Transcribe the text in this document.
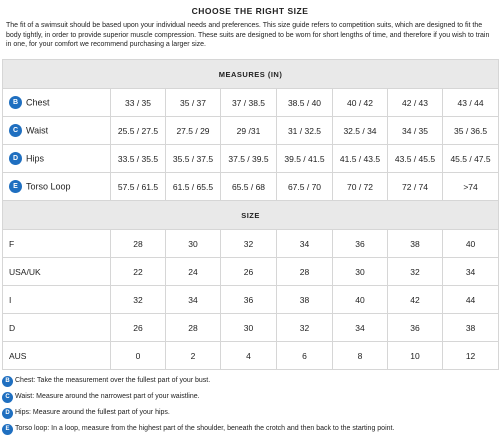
CHOOSE THE RIGHT SIZE
The fit of a swimsuit should be based upon your individual needs and preferences. This size guide refers to competition suits, which are designed to fit the body tightly, in order to provide superior muscle compression. These suits are designed to be worn for short lengths of time, and therefore if you wish to train in one, for your comfort we recommend purchasing a larger size.
MEASURES (IN)							
B Chest	33 / 35	35 / 37	37 / 38.5	38.5 / 40	40 / 42	42 / 43	43 / 44
C Waist	25.5 / 27.5	27.5 / 29	29 /31	31 / 32.5	32.5 / 34	34 / 35	35 / 36.5
D Hips	33.5 / 35.5	35.5 / 37.5	37.5 / 39.5	39.5 / 41.5	41.5 / 43.5	43.5 / 45.5	45.5 / 47.5
E Torso Loop	57.5 / 61.5	61.5 / 65.5	65.5 / 68	67.5 / 70	70 / 72	72 / 74	>74
SIZE							
F	28	30	32	34	36	38	40
USA/UK	22	24	26	28	30	32	34
I	32	34	36	38	40	42	44
D	26	28	30	32	34	36	38
AUS	0	2	4	6	8	10	12
B Chest: Take the measurement over the fullest part of your bust.
C Waist: Measure around the narrowest part of your waistline.
D Hips: Measure around the fullest part of your hips.
E Torso loop: In a loop, measure from the highest part of the shoulder, beneath the crotch and then back to the starting point.
